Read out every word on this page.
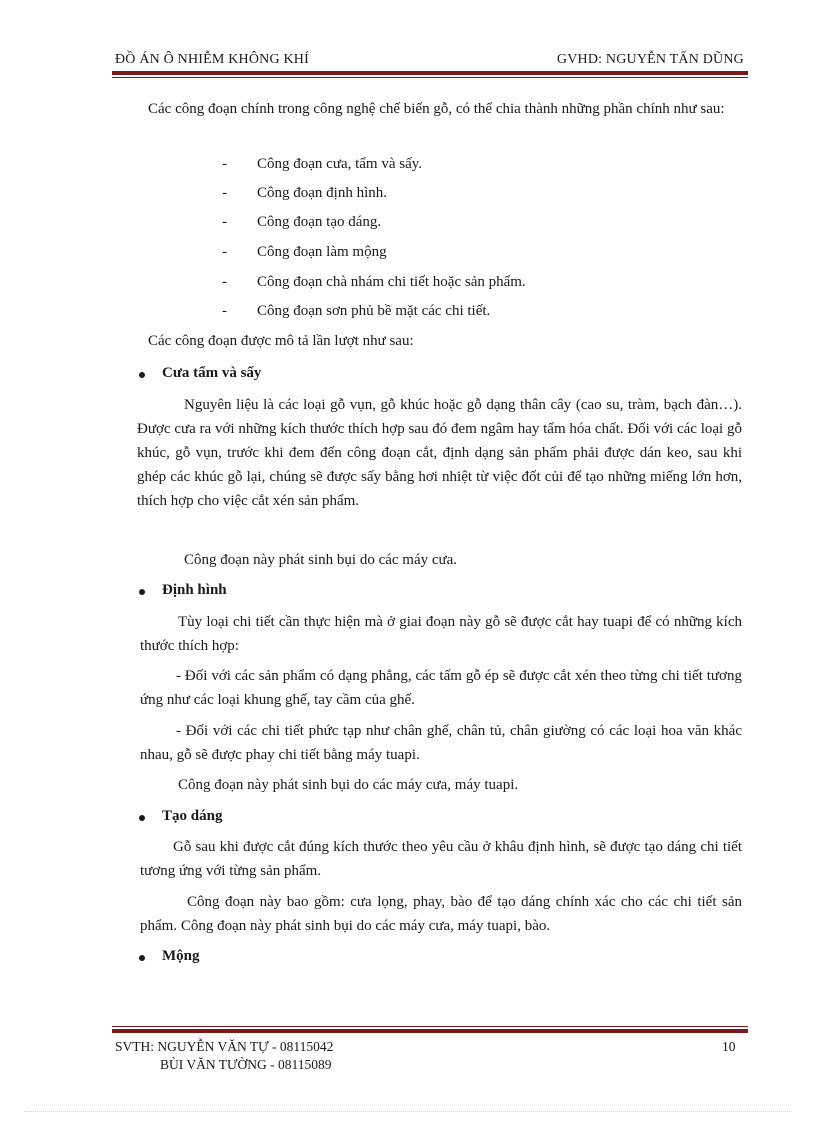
ĐỒ ÁN Ô NHIỄM KHÔNG KHÍ	GVHD: NGUYỄN TẤN DŨNG
Các công đoạn chính trong công nghệ chế biến gỗ, có thể chia thành những phần chính như sau:
- Công đoạn cưa, tẩm và sấy.
- Công đoạn định hình.
- Công đoạn tạo dáng.
- Công đoạn làm mộng
- Công đoạn chà nhám chi tiết hoặc sản phẩm.
- Công đoạn sơn phủ bề mặt các chi tiết.
Các công đoạn được mô tả lần lượt như sau:
Cưa tẩm và sấy
Nguyên liệu là các loại gỗ vụn, gỗ khúc hoặc gỗ dạng thân cây (cao su, tràm, bạch đàn…). Được cưa ra với những kích thước thích hợp sau đó đem ngâm hay tẩm hóa chất. Đối với các loại gỗ khúc, gỗ vụn, trước khi đem đến công đoạn cắt, định dạng sản phẩm phải được dán keo, sau khi ghép các khúc gỗ lại, chúng sẽ được sấy bằng hơi nhiệt từ việc đốt củi để tạo những miếng lớn hơn, thích hợp cho việc cắt xén sản phẩm.
Công đoạn này phát sinh bụi do các máy cưa.
Định hình
Tùy loại chi tiết cần thực hiện mà ở giai đoạn này gỗ sẽ được cắt hay tuapi để có những kích thước thích hợp:
- Đối với các sản phẩm có dạng phẳng, các tấm gỗ ép sẽ được cắt xén theo từng chi tiết tương ứng như các loại khung ghế, tay cầm của ghế.
- Đối với các chi tiết phức tạp như chân ghế, chân tủ, chân giường có các loại hoa văn khác nhau, gỗ sẽ được phay chi tiết bằng máy tuapi.
Công đoạn này phát sinh bụi do các máy cưa, máy tuapi.
Tạo dáng
Gỗ sau khi được cắt đúng kích thước theo yêu cầu ở khâu định hình, sẽ được tạo dáng chi tiết tương ứng với từng sản phẩm.
Công đoạn này bao gồm: cưa lọng, phay, bào để tạo dáng chính xác cho các chi tiết sản phẩm. Công đoạn này phát sinh bụi do các máy cưa, máy tuapi, bào.
Mộng
SVTH: NGUYỄN VĂN TỰ - 08115042
BÙI VĂN TƯỜNG - 08115089
10
